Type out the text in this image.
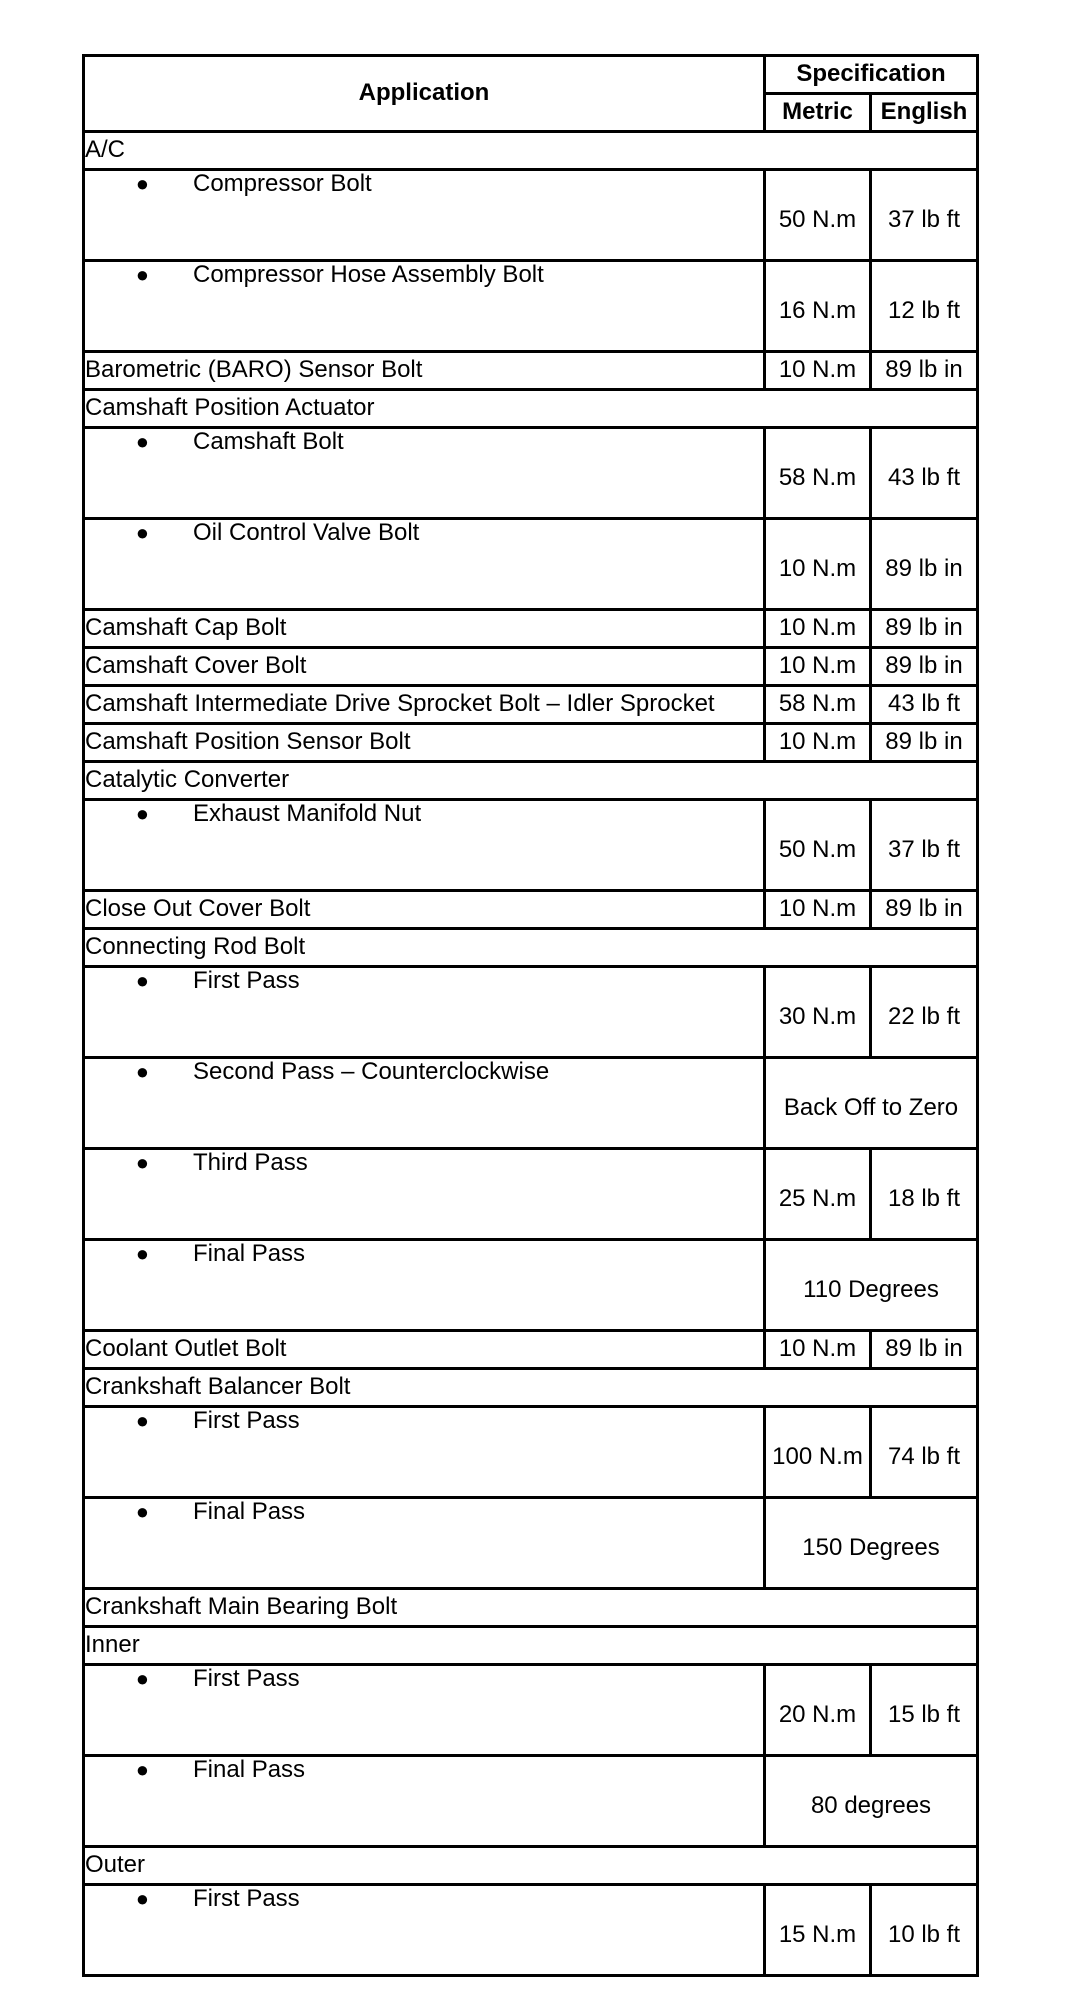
Application	Specification	
	Metric	English
A/C		
● Compressor Bolt	50 N.m	37 lb ft
● Compressor Hose Assembly Bolt	16 N.m	12 lb ft
Barometric (BARO) Sensor Bolt	10 N.m	89 lb in
Camshaft Position Actuator		
● Camshaft Bolt	58 N.m	43 lb ft
● Oil Control Valve Bolt	10 N.m	89 lb in
Camshaft Cap Bolt	10 N.m	89 lb in
Camshaft Cover Bolt	10 N.m	89 lb in
Camshaft Intermediate Drive Sprocket Bolt – Idler Sprocket	58 N.m	43 lb ft
Camshaft Position Sensor Bolt	10 N.m	89 lb in
Catalytic Converter		
● Exhaust Manifold Nut	50 N.m	37 lb ft
Close Out Cover Bolt	10 N.m	89 lb in
Connecting Rod Bolt		
● First Pass	30 N.m	22 lb ft
● Second Pass – Counterclockwise	Back Off to Zero	
● Third Pass	25 N.m	18 lb ft
● Final Pass	110 Degrees	
Coolant Outlet Bolt	10 N.m	89 lb in
Crankshaft Balancer Bolt		
● First Pass	100 N.m	74 lb ft
● Final Pass	150 Degrees	
Crankshaft Main Bearing Bolt		
Inner		
● First Pass	20 N.m	15 lb ft
● Final Pass	80 degrees	
Outer		
● First Pass	15 N.m	10 lb ft
